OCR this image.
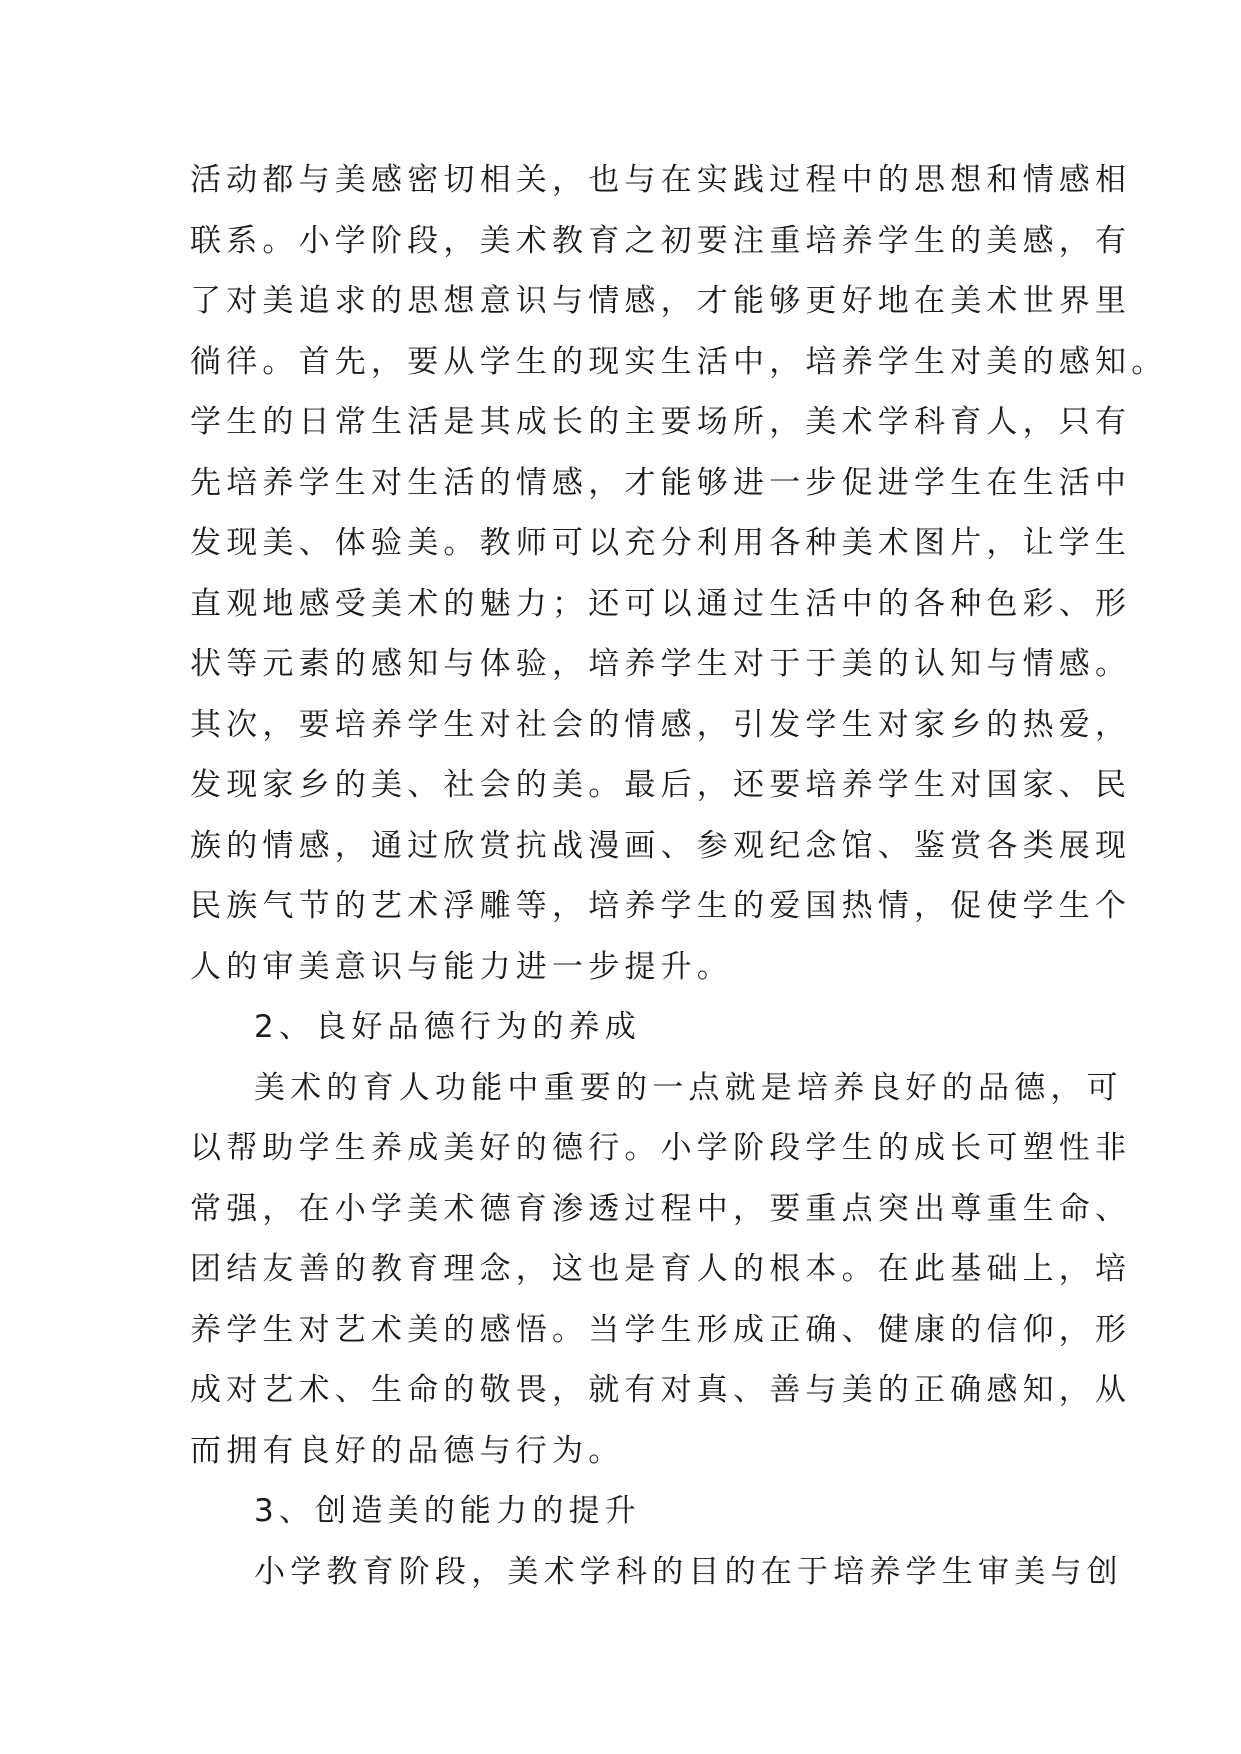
活动都与美感密切相关，也与在实践过程中的思想和情感相
联系。小学阶段，美术教育之初要注重培养学生的美感，有
了对美追求的思想意识与情感，才能够更好地在美术世界里
徜徉。首先，要从学生的现实生活中，培养学生对美的感知。
学生的日常生活是其成长的主要场所，美术学科育人，只有
先培养学生对生活的情感，才能够进一步促进学生在生活中
发现美、体验美。教师可以充分利用各种美术图片，让学生
直观地感受美术的魅力；还可以通过生活中的各种色彩、形
状等元素的感知与体验，培养学生对于于美的认知与情感。
其次，要培养学生对社会的情感，引发学生对家乡的热爱，
发现家乡的美、社会的美。最后，还要培养学生对国家、民
族的情感，通过欣赏抗战漫画、参观纪念馆、鉴赏各类展现
民族气节的艺术浮雕等，培养学生的爱国热情，促使学生个
人的审美意识与能力进一步提升。
2、良好品德行为的养成
美术的育人功能中重要的一点就是培养良好的品德，可
以帮助学生养成美好的德行。小学阶段学生的成长可塑性非
常强，在小学美术德育渗透过程中，要重点突出尊重生命、
团结友善的教育理念，这也是育人的根本。在此基础上，培
养学生对艺术美的感悟。当学生形成正确、健康的信仰，形
成对艺术、生命的敬畏，就有对真、善与美的正确感知，从
而拥有良好的品德与行为。
3、创造美的能力的提升
小学教育阶段，美术学科的目的在于培养学生审美与创
